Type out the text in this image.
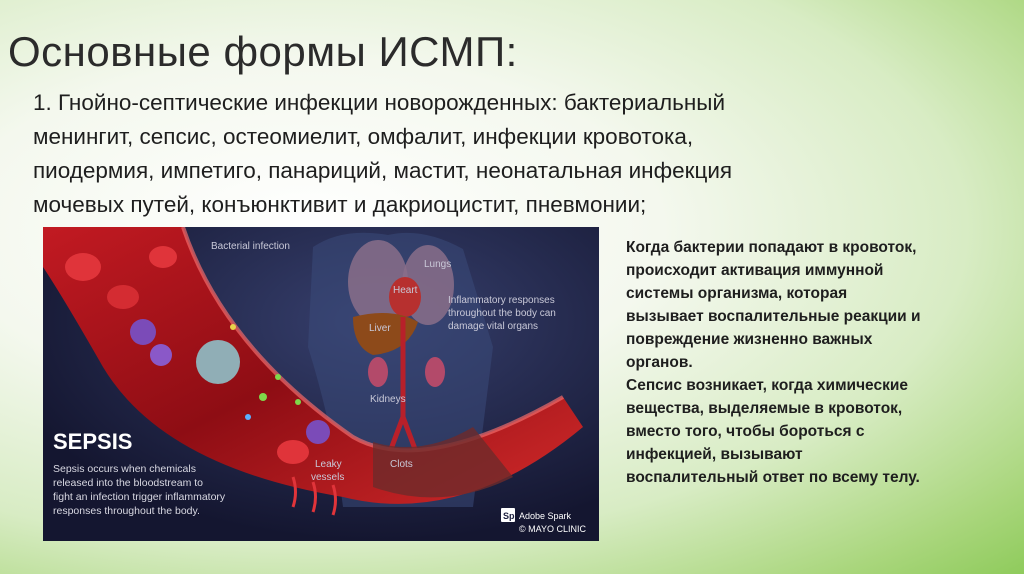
Основные формы ИСМП:
1. Гнойно-септические инфекции новорожденных: бактериальный
менингит, сепсис, остеомиелит, омфалит, инфекции кровотока,
пиодермия, импетиго, панариций, мастит, неонатальная инфекция
мочевых путей, конъюнктивит и дакриоцистит, пневмонии;
Bacterial infection
Lungs
Heart
Liver
Kidneys
Inflammatory responses
throughout the body can
damage vital organs
Leaky
vessels
Clots
SEPSIS
Sepsis occurs when chemicals
released into the bloodstream to
fight an infection trigger inflammatory
responses throughout the body.	Sp Adobe Spark
© MAYO CLINIC

Когда бактерии попадают в кровоток,

происходит активация иммунной

системы организма, которая

вызывает воспалительные реакции и

повреждение жизненно важных

органов.

Сепсис возникает, когда химические

вещества, выделяемые в кровоток,

вместо того, чтобы бороться с

инфекцией, вызывают

воспалительный ответ по всему телу.
